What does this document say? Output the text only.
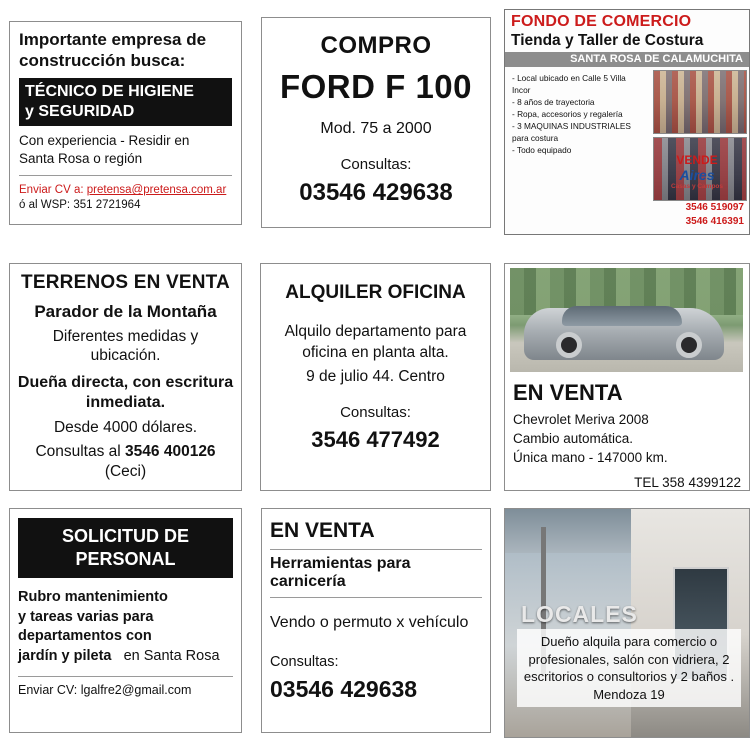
Importante empresa de construcción busca:
TÉCNICO DE HIGIENE
y SEGURIDAD
Con experiencia - Residir en
Santa Rosa o región
Enviar CV a: pretensa@pretensa.com.ar
ó al WSP: 351 2721964
COMPRO
FORD F 100
Mod. 75 a 2000
Consultas:
03546 429638
FONDO DE COMERCIO
Tienda y Taller de Costura
SANTA ROSA DE CALAMUCHITA
- Local ubicado en Calle 5 Villa Incor
- 8 años de trayectoria
- Ropa, accesorios y regalería
- 3 MAQUINAS INDUSTRIALES para costura
- Todo equipado
VENDE
Aires
Casas y Campos
3546 519097
3546 416391
TERRENOS EN VENTA
Parador de la Montaña
Diferentes medidas y ubicación.
Dueña directa, con escritura inmediata.
Desde 4000 dólares.
Consultas al 3546 400126 (Ceci)
ALQUILER OFICINA
Alquilo departamento para oficina en planta alta.
9 de julio 44. Centro
Consultas:
3546 477492
EN VENTA
Chevrolet Meriva 2008
Cambio automática.
Única mano - 147000 km.
TEL 358 4399122
SOLICITUD DE
PERSONAL
Rubro mantenimiento
y tareas varias para
departamentos con
jardín y pileta en Santa Rosa
Enviar CV: lgalfre2@gmail.com
EN VENTA
Herramientas para carnicería
Vendo o permuto x vehículo
Consultas:
03546 429638
LOCALES
Dueño alquila para comercio o profesionales, salón con vidriera, 2 escritorios o consultorios y 2 baños .
Mendoza 19
